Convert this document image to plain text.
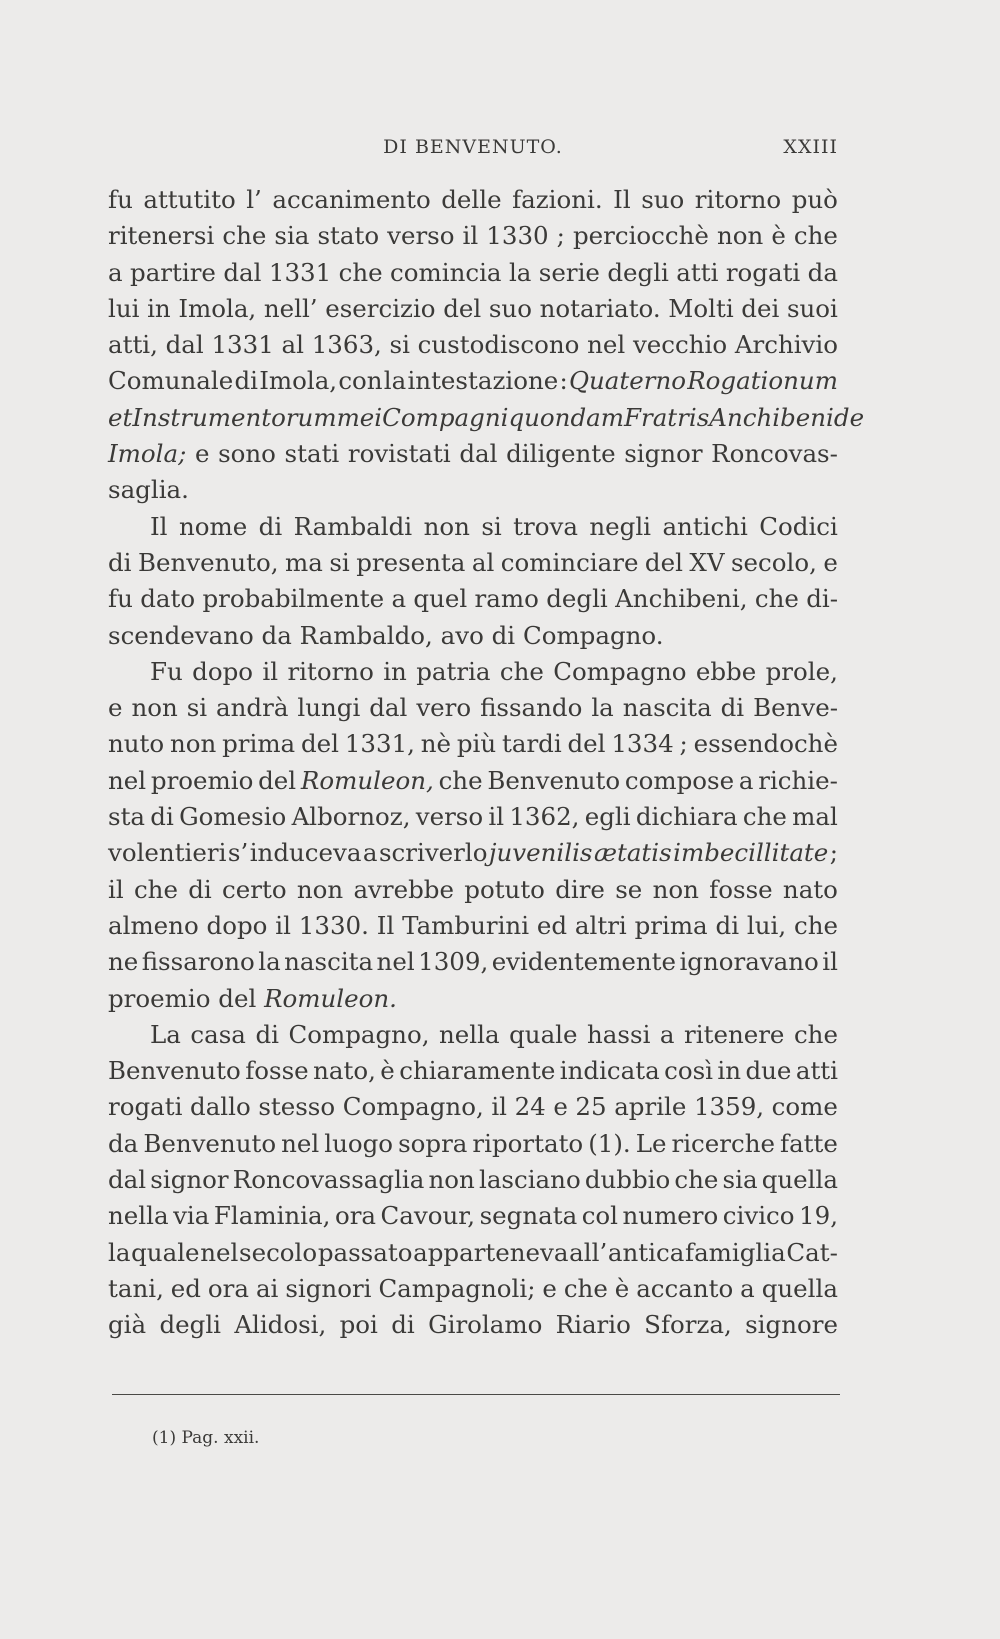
DI BENVENUTO.	XXIII
fu attutito l’ accanimento delle fazioni. Il suo ritorno può
ritenersi che sia stato verso il 1330 ; perciocchè non è che
a partire dal 1331 che comincia la serie degli atti rogati da
lui in Imola, nell’ esercizio del suo notariato. Molti dei suoi
atti, dal 1331 al 1363, si custodiscono nel vecchio Archivio
Comunale di Imola, con la intestazione : Quaterno Rogationum
et Instrumentorum mei Compagni quondam Fratris Anchibeni de
Imola; e sono stati rovistati dal diligente signor Roncovas-
saglia.
Il nome di Rambaldi non si trova negli antichi Codici
di Benvenuto, ma si presenta al cominciare del XV secolo, e
fu dato probabilmente a quel ramo degli Anchibeni, che di-
scendevano
da
Rambaldo,
avo
di
Compagno.
Fu dopo il ritorno in patria che Compagno ebbe prole,
e non si andrà lungi dal vero fissando la nascita di Benve-
nuto non prima del 1331, nè più tardi del 1334 ; essendochè
nel proemio del Romuleon, che Benvenuto compose a richie-
sta di Gomesio Albornoz, verso il 1362, egli dichiara che mal
volentieri s’ induceva a scriverlo juvenilis ætatis imbecillitate ;
il che di certo non avrebbe potuto dire se non fosse nato
almeno dopo il 1330. Il Tamburini ed altri prima di lui, che
ne fissarono la nascita nel 1309, evidentemente ignoravano il
proemio
del
Romuleon.
La casa di Compagno, nella quale hassi a ritenere che
Benvenuto fosse nato, è chiaramente indicata così in due atti
rogati dallo stesso Compagno, il 24 e 25 aprile 1359, come
da Benvenuto nel luogo sopra riportato (1). Le ricerche fatte
dal signor Roncovassaglia non lasciano dubbio che sia quella
nella via Flaminia, ora Cavour, segnata col numero civico 19,
la quale nel secolo passato apparteneva all’ antica famiglia Cat-
tani, ed ora ai signori Campagnoli; e che è accanto a quella
già degli Alidosi, poi di Girolamo Riario Sforza, signore
(1) Pag. xxii.
